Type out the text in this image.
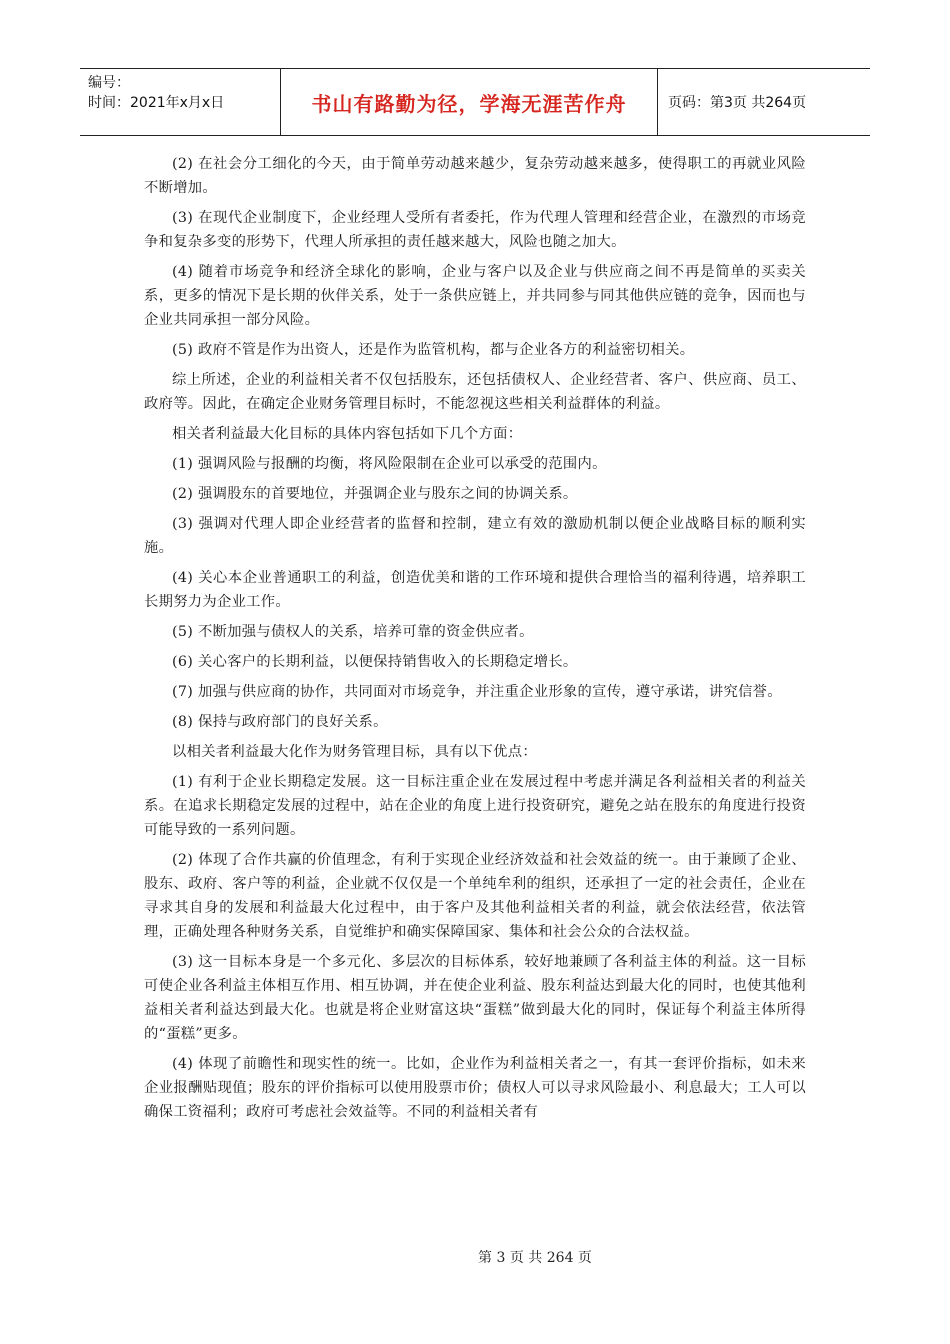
编号：
时间：2021年x月x日	书山有路勤为径，学海无涯苦作舟	页码：第3页 共264页

(2) 在社会分工细化的今天，由于简单劳动越来越少，复杂劳动越来越多，使得职工的再就业风险不断增加。

(3) 在现代企业制度下，企业经理人受所有者委托，作为代理人管理和经营企业，在激烈的市场竞争和复杂多变的形势下，代理人所承担的责任越来越大，风险也随之加大。

(4) 随着市场竞争和经济全球化的影响，企业与客户以及企业与供应商之间不再是简单的买卖关系，更多的情况下是长期的伙伴关系，处于一条供应链上，并共同参与同其他供应链的竞争，因而也与企业共同承担一部分风险。

(5) 政府不管是作为出资人，还是作为监管机构，都与企业各方的利益密切相关。

综上所述，企业的利益相关者不仅包括股东，还包括债权人、企业经营者、客户、供应商、员工、政府等。因此，在确定企业财务管理目标时，不能忽视这些相关利益群体的利益。

相关者利益最大化目标的具体内容包括如下几个方面：

(1) 强调风险与报酬的均衡，将风险限制在企业可以承受的范围内。

(2) 强调股东的首要地位，并强调企业与股东之间的协调关系。

(3) 强调对代理人即企业经营者的监督和控制，建立有效的激励机制以便企业战略目标的顺利实施。

(4) 关心本企业普通职工的利益，创造优美和谐的工作环境和提供合理恰当的福利待遇，培养职工长期努力为企业工作。

(5) 不断加强与债权人的关系，培养可靠的资金供应者。

(6) 关心客户的长期利益，以便保持销售收入的长期稳定增长。

(7) 加强与供应商的协作，共同面对市场竞争，并注重企业形象的宣传，遵守承诺，讲究信誉。

(8) 保持与政府部门的良好关系。

以相关者利益最大化作为财务管理目标，具有以下优点：

(1) 有利于企业长期稳定发展。这一目标注重企业在发展过程中考虑并满足各利益相关者的利益关系。在追求长期稳定发展的过程中，站在企业的角度上进行投资研究，避免之站在股东的角度进行投资可能导致的一系列问题。

(2) 体现了合作共赢的价值理念，有利于实现企业经济效益和社会效益的统一。由于兼顾了企业、股东、政府、客户等的利益，企业就不仅仅是一个单纯牟利的组织，还承担了一定的社会责任，企业在寻求其自身的发展和利益最大化过程中，由于客户及其他利益相关者的利益，就会依法经营，依法管理，正确处理各种财务关系，自觉维护和确实保障国家、集体和社会公众的合法权益。

(3) 这一目标本身是一个多元化、多层次的目标体系，较好地兼顾了各利益主体的利益。这一目标可使企业各利益主体相互作用、相互协调，并在使企业利益、股东利益达到最大化的同时，也使其他利益相关者利益达到最大化。也就是将企业财富这块“蛋糕”做到最大化的同时，保证每个利益主体所得的“蛋糕”更多。

(4) 体现了前瞻性和现实性的统一。比如，企业作为利益相关者之一，有其一套评价指标，如未来企业报酬贴现值；股东的评价指标可以使用股票市价；债权人可以寻求风险最小、利息最大；工人可以确保工资福利；政府可考虑社会效益等。不同的利益相关者有

第 3 页 共 264 页
